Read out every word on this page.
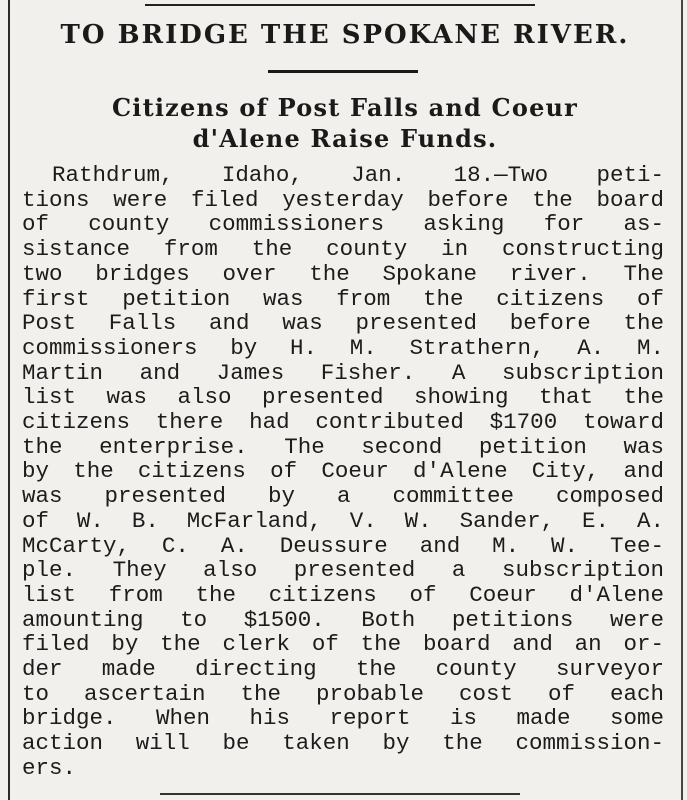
TO BRIDGE THE SPOKANE RIVER.
Citizens of Post Falls and Coeur
d'Alene Raise Funds.
Rathdrum, Idaho, Jan. 18.—Two peti-
tions were filed yesterday before the board
of county commissioners asking for as-
sistance from the county in constructing
two bridges over the Spokane river. The
first petition was from the citizens of
Post Falls and was presented before the
commissioners by H. M. Strathern, A. M.
Martin and James Fisher. A subscription
list was also presented showing that the
citizens there had contributed $1700 toward
the enterprise. The second petition was
by the citizens of Coeur d'Alene City, and
was presented by a committee composed
of W. B. McFarland, V. W. Sander, E. A.
McCarty, C. A. Deussure and M. W. Tee-
ple. They also presented a subscription
list from the citizens of Coeur d'Alene
amounting to $1500. Both petitions were
filed by the clerk of the board and an or-
der made directing the county surveyor
to ascertain the probable cost of each
bridge. When his report is made some
action will be taken by the commission-
ers.
